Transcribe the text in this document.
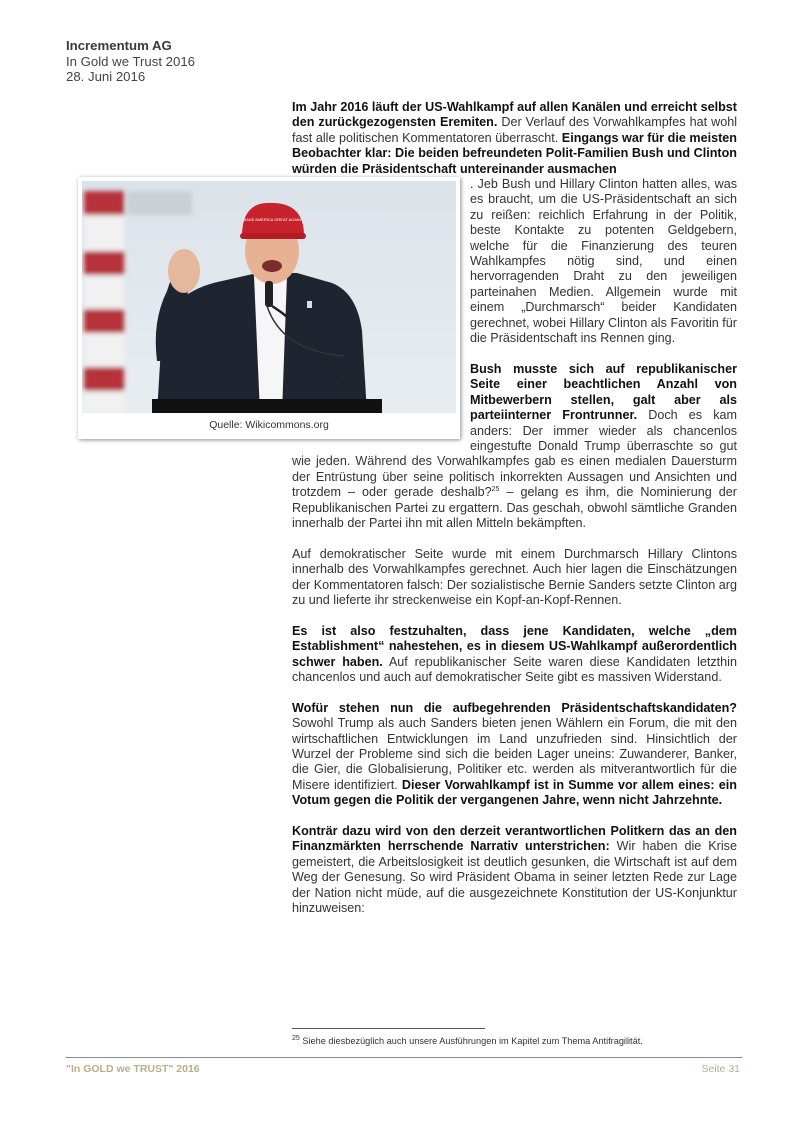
Incrementum AG
In Gold we Trust 2016
28. Juni 2016

Im Jahr 2016 läuft der US-Wahlkampf auf allen Kanälen und erreicht selbst den zurückgezogensten Eremiten. Der Verlauf des Vorwahlkampfes hat wohl fast alle politischen Kommentatoren überrascht. Eingangs war für die meisten Beobachter klar: Die beiden befreundeten Polit-Familien Bush und Clinton würden die Präsidentschaft untereinander ausmachen

MAKE AMERICA GREAT AGAIN
Quelle: Wikicommons.org

. Jeb Bush und Hillary Clinton hatten alles, was es braucht, um die US-Präsidentschaft an sich zu reißen: reichlich Erfahrung in der Politik, beste Kontakte zu potenten Geldgebern, welche für die Finanzierung des teuren Wahlkampfes nötig sind, und einen hervorragenden Draht zu den jeweiligen parteinahen Medien. Allgemein wurde mit einem „Durchmarsch“ beider Kandidaten gerechnet, wobei Hillary Clinton als Favoritin für die Präsidentschaft ins Rennen ging.

Bush musste sich auf republikanischer Seite einer beachtlichen Anzahl von Mitbewerbern stellen, galt aber als parteiinterner Frontrunner. Doch es kam anders: Der immer wieder als chancenlos eingestufte Donald Trump überraschte so gut wie jeden. Während des Vorwahlkampfes gab es einen medialen Dauersturm der Entrüstung über seine politisch inkorrekten Aussagen und Ansichten und trotzdem – oder gerade deshalb?$^{25}$ – gelang es ihm, die Nominierung der Republikanischen Partei zu ergattern. Das geschah, obwohl sämtliche Granden innerhalb der Partei ihn mit allen Mitteln bekämpften.

Auf demokratischer Seite wurde mit einem Durchmarsch Hillary Clintons innerhalb des Vorwahlkampfes gerechnet. Auch hier lagen die Einschätzungen der Kommentatoren falsch: Der sozialistische Bernie Sanders setzte Clinton arg zu und lieferte ihr streckenweise ein Kopf-an-Kopf-Rennen.

Es ist also festzuhalten, dass jene Kandidaten, welche „dem Establishment“ nahestehen, es in diesem US-Wahlkampf außerordentlich schwer haben. Auf republikanischer Seite waren diese Kandidaten letzthin chancenlos und auch auf demokratischer Seite gibt es massiven Widerstand.

Wofür stehen nun die aufbegehrenden Präsidentschaftskandidaten? Sowohl Trump als auch Sanders bieten jenen Wählern ein Forum, die mit den wirtschaftlichen Entwicklungen im Land unzufrieden sind. Hinsichtlich der Wurzel der Probleme sind sich die beiden Lager uneins: Zuwanderer, Banker, die Gier, die Globalisierung, Politiker etc. werden als mitverantwortlich für die Misere identifiziert. Dieser Vorwahlkampf ist in Summe vor allem eines: ein Votum gegen die Politik der vergangenen Jahre, wenn nicht Jahrzehnte.

Konträr dazu wird von den derzeit verantwortlichen Politkern das an den Finanzmärkten herrschende Narrativ unterstrichen: Wir haben die Krise gemeistert, die Arbeitslosigkeit ist deutlich gesunken, die Wirtschaft ist auf dem Weg der Genesung. So wird Präsident Obama in seiner letzten Rede zur Lage der Nation nicht müde, auf die ausgezeichnete Konstitution der US-Konjunktur hinzuweisen:

$^{25}$ Siehe diesbezüglich auch unsere Ausführungen im Kapitel zum Thema Antifragilität.
"In GOLD we TRUST" 2016	Seite 31
